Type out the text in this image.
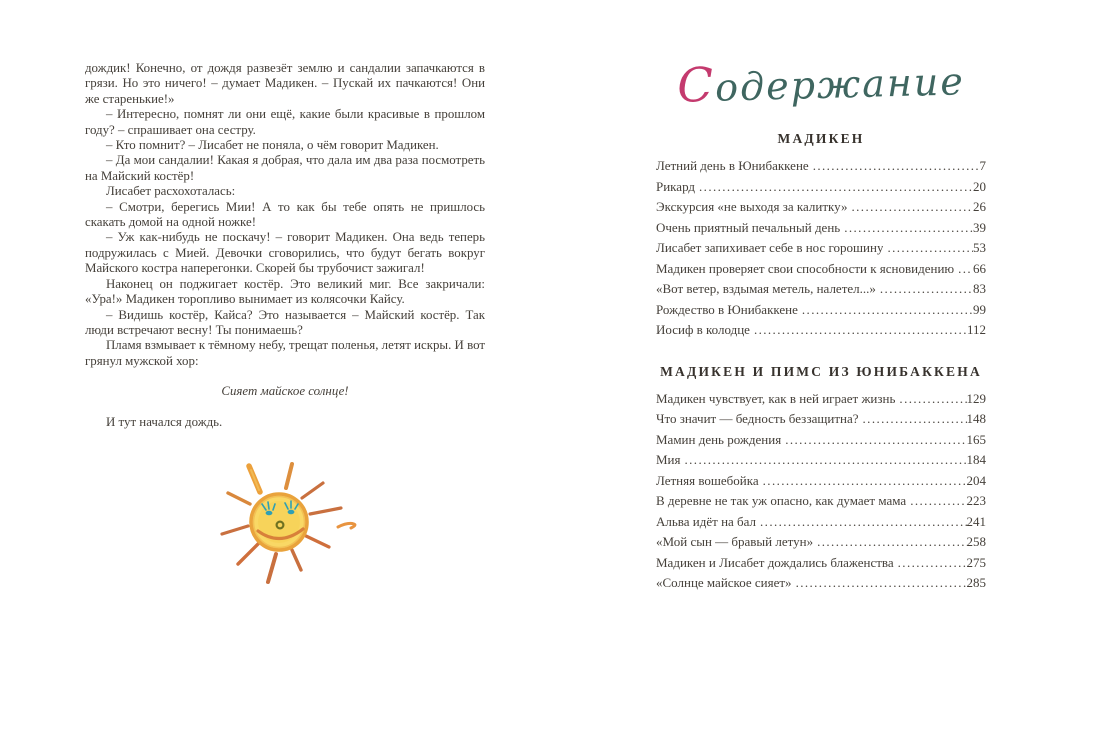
дождик! Конечно, от дождя развезёт землю и сандалии запачкаются в грязи. Но это ничего! – думает Мадикен. – Пускай их пачкаются! Они же старенькие!»

– Интересно, помнят ли они ещё, какие были красивые в прошлом году? – спрашивает она сестру.

– Кто помнит? – Лисабет не поняла, о чём говорит Мадикен.

– Да мои сандалии! Какая я добрая, что дала им два раза посмотреть на Майский костёр!

Лисабет расхохоталась:

– Смотри, берегись Мии! А то как бы тебе опять не пришлось скакать домой на одной ножке!

– Уж как-нибудь не поскачу! – говорит Мадикен. Она ведь теперь подружилась с Мией. Девочки сговорились, что будут бегать вокруг Майского костра наперегонки. Скорей бы трубочист зажигал!

Наконец он поджигает костёр. Это великий миг. Все закричали: «Ура!» Мадикен торопливо вынимает из колясочки Кайсу.

– Видишь костёр, Кайса? Это называется – Майский костёр. Так люди встречают весну! Ты понимаешь?

Пламя взмывает к тёмному небу, трещат поленья, летят искры. И вот грянул мужской хор:

Сияет майское солнце!

И тут начался дождь.

Содержание
МАДИКЕН
Летний день в Юнибаккене .....	7
Рикард .....	20
Экскурсия «не выходя за калитку» .....	26
Очень приятный печальный день .....	39
Лисабет запихивает себе в нос горошину .....	53
Мадикен проверяет свои способности к ясновидению ..... 66
«Вот ветер, вздымая метель, налетел...» .....	83
Рождество в Юнибаккене .....	99
Иосиф в колодце .....	112
МАДИКЕН И ПИМС ИЗ ЮНИБАККЕНА
Мадикен чувствует, как в ней играет жизнь .....	129
Что значит — бедность беззащитна? .....	148
Мамин день рождения .....	165
Мия .....	184
Летняя вошебойка .....	204
В деревне не так уж опасно, как думает мама .....	223
Альва идёт на бал .....	241
«Мой сын — бравый летун» .....	258
Мадикен и Лисабет дождались блаженства .....	275
«Солнце майское сияет» .....	285
